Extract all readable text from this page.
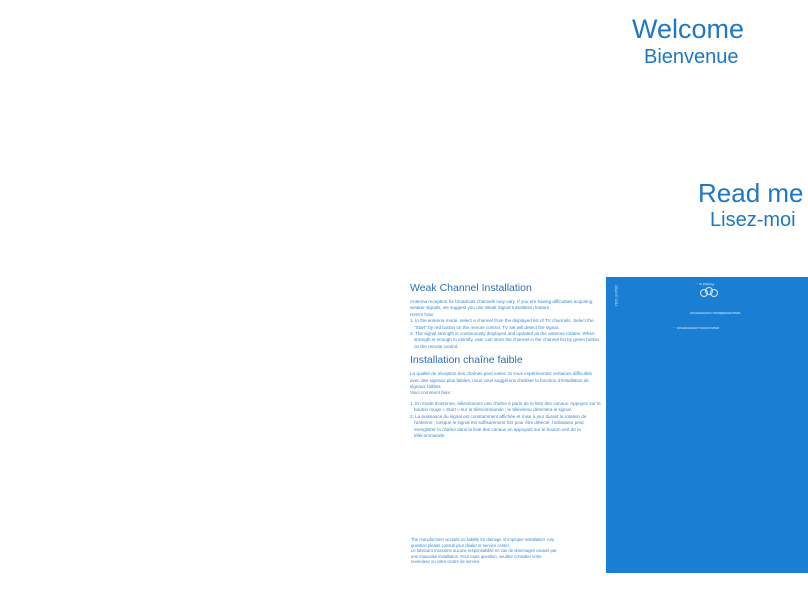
Welcome
Bienvenue
Read me
Lisez-moi
Weak Channel Installation

Antenna reception for broadcast channels may vary. If you are having difficulties acquiring weaker signals, we suggest you use Weak Signal Installation feature.

Here's how:

1. In the antenna mode, select a channel from the displayed list of TV channels. Select the "Start" by red button on the remote control. TV set will detect the signal.

2. The signal strength is continuously displayed and updated as the antenna rotates. When strength is enough to identify, user can store the channel in the channel list by green button on the remote control.

Installation chaîne faible

La qualité de réception des chaînes peut varier. Si vous expérimentez certaines difficultés avec des signaux plus faibles, nous vous suggérons d'utiliser la fonction d'installation de signaux faibles.

Voici comment faire :

1. En mode d'antenne, sélectionnez une chaîne à partir de la liste des canaux. Appuyez sur le bouton rouge « Start » sur la télécommande ; le téléviseur détectera le signal.

2. La puissance du signal est constamment affichée et mise à jour durant la rotation de l'antenne ; lorsque le signal est suffisamment fort pour être détecté, l'utilisateur peut enregistrer la chaîne dans la liste des canaux en appuyant sur le bouton vert de la télécommande.

The manufacturer accepts no liability for damage of improper installation. Any question please consult your dealer or service center.

Le fabricant n'assume aucune responsabilité en cas de dommages causés par une mauvaise installation. Pour toute question, veuillez consulter votre revendeur ou votre centre de service.

2010 07 1012
Printed in ...
www.newsflavour.com/reservoir
www.xxxxxx.com/reservoir ...
